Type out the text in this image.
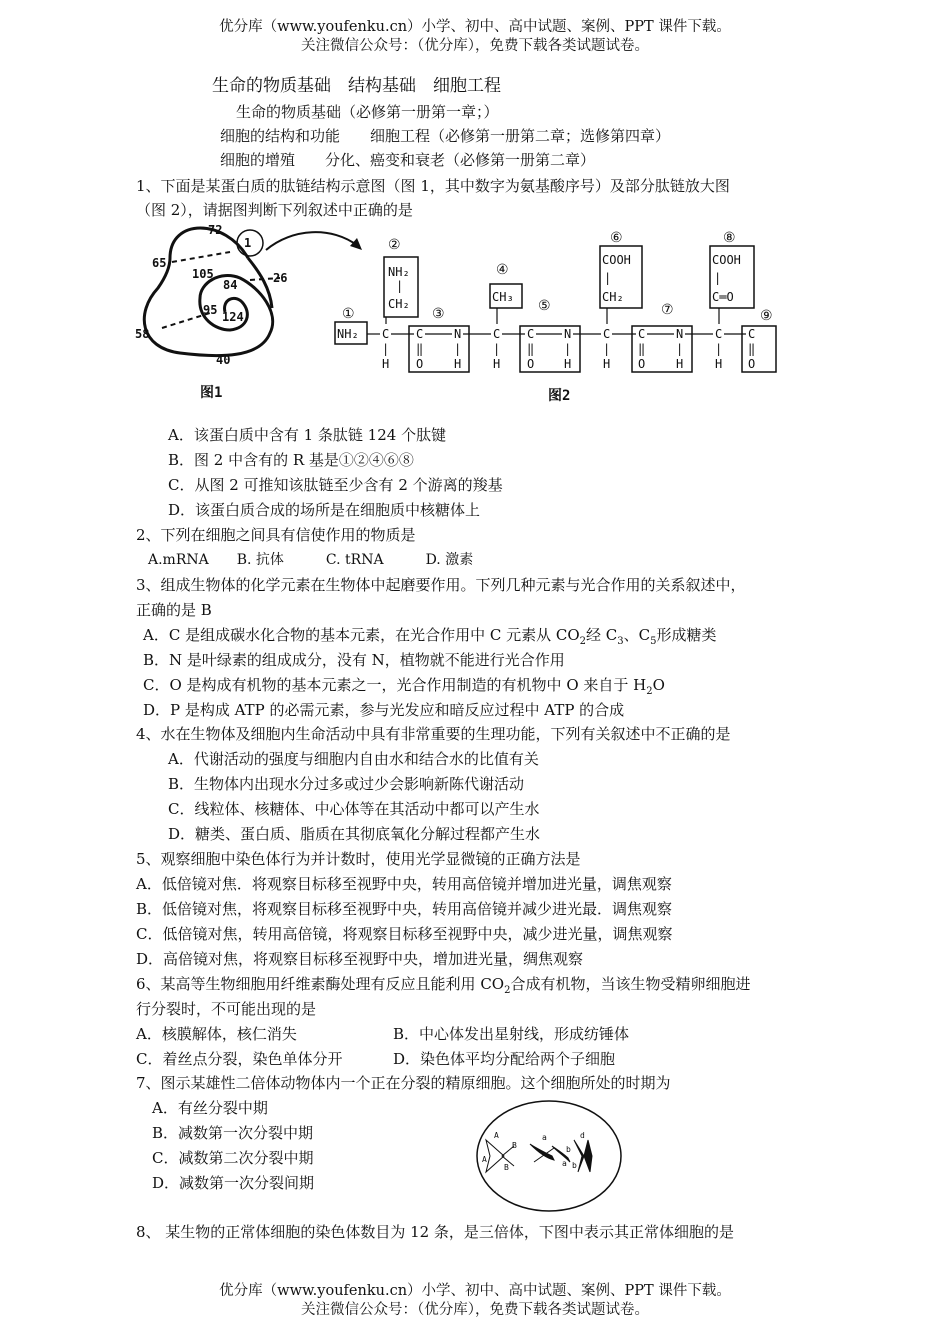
优分库（www.youfenku.cn）小学、初中、高中试题、案例、PPT 课件下载。
关注微信公众号：（优分库），免费下载各类试题试卷。
生命的物质基础　结构基础　细胞工程
生命的物质基础（必修第一册第一章；）
细胞的结构和功能　　细胞工程（必修第一册第二章；选修第四章）
细胞的增殖　　分化、癌变和衰老（必修第一册第二章）
1、下面是某蛋白质的肽链结构示意图（图 1，其中数字为氨基酸序号）及部分肽链放大图
（图 2），请据图判断下列叙述中正确的是
72
1
65
105
84	26
95 124
58
40
图1
①
②
③
④
⑤
⑥
⑦
⑧
⑨
NH₂
NH₂
|
CH₂	CH₃
COOH
|
CH₂
COOH
|
C═O
C C	N	C C N	C C	N	C C
| ‖	|	| ‖ |	| ‖	|	| ‖
H O	H	H O H	H O	H	H O
图2
A．该蛋白质中含有 1 条肽链 124 个肽键
B．图 2 中含有的 R 基是①②④⑥⑧
C．从图 2 可推知该肽链至少含有 2 个游离的羧基
D．该蛋白质合成的场所是在细胞质中核糖体上
2、下列在细胞之间具有信使作用的物质是
A.mRNA　　B. 抗体　　　C. tRNA　　　D. 激素
3、组成生物体的化学元素在生物体中起磨要作用。下列几种元素与光合作用的关系叙述中，
正确的是 B
A．C 是组成碳水化合物的基本元素，在光合作用中 C 元素从 $CO_2$经 $C_3$、$C_5$形成糖类
B．N 是叶绿素的组成成分，没有 N，植物就不能进行光合作用
C．O 是构成有机物的基本元素之一，光合作用制造的有机物中 O 来自于 $H_2O$
D．P 是构成 ATP 的必需元素，参与光发应和暗反应过程中 ATP 的合成
4、水在生物体及细胞内生命活动中具有非常重要的生理功能，下列有关叙述中不正确的是
A．代谢活动的强度与细胞内自由水和结合水的比值有关
B．生物体内出现水分过多或过少会影响新陈代谢活动
C．线粒体、核糖体、中心体等在其活动中都可以产生水
D．糖类、蛋白质、脂质在其彻底氧化分解过程都产生水
5、观察细胞中染色体行为并计数时，使用光学显微镜的正确方法是
A．低倍镜对焦．将观察目标移至视野中央，转用高倍镜并增加进光量，调焦观察
B．低倍镜对焦，将观察目标移至视野中央，转用高倍镜并减少进光最．调焦观察
C．低倍镜对焦，转用高倍镜，将观察目标移至视野中央，减少进光量，调焦观察
D．高倍镜对焦，将观察目标移至视野中央，增加进光量，绸焦观察
6、某高等生物细胞用纤维素酶处理有反应且能利用 $CO_2$合成有机物，当该生物受精卵细胞进
行分裂时，不可能出现的是
A．核膜解体，核仁消失	B．中心体发出星射线，形成纺锤体
C．着丝点分裂，染色单体分开	D．染色体平均分配给两个子细胞
7、图示某雄性二倍体动物体内一个正在分裂的精原细胞。这个细胞所处的时期为
A．有丝分裂中期
B．减数第一次分裂中期
C．减数第二次分裂中期
D．减数第一次分裂间期
A
B
a
b
d
a b
A
B
8、 某生物的正常体细胞的染色体数目为 12 条，是三倍体，下图中表示其正常体细胞的是
优分库（www.youfenku.cn）小学、初中、高中试题、案例、PPT 课件下载。
关注微信公众号：（优分库），免费下载各类试题试卷。
